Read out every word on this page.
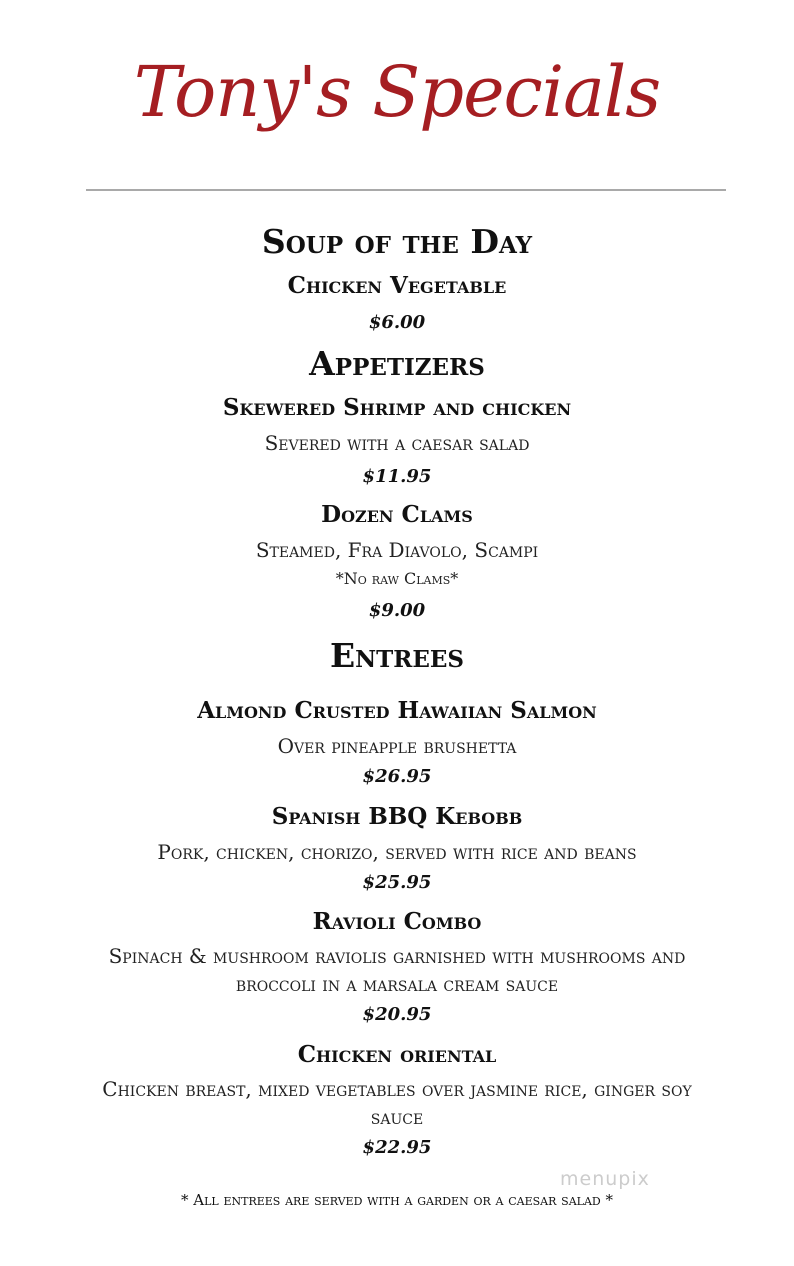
Tony's Specials
Soup of the Day
Chicken Vegetable
$6.00
Appetizers
Skewered Shrimp and chicken
Severed with a caesar salad
$11.95
Dozen Clams
Steamed, Fra Diavolo, Scampi
*No raw Clams*
$9.00
Entrees
Almond Crusted Hawaiian Salmon
Over pineapple brushetta
$26.95
Spanish BBQ Kebobb
Pork, chicken, chorizo, served with rice and beans
$25.95
Ravioli Combo
Spinach & mushroom raviolis garnished with mushrooms and
broccoli in a marsala cream sauce
$20.95
Chicken oriental
Chicken breast, mixed vegetables over jasmine rice, ginger soy
sauce
$22.95
menupix
* All entrees are served with a garden or a caesar salad *
